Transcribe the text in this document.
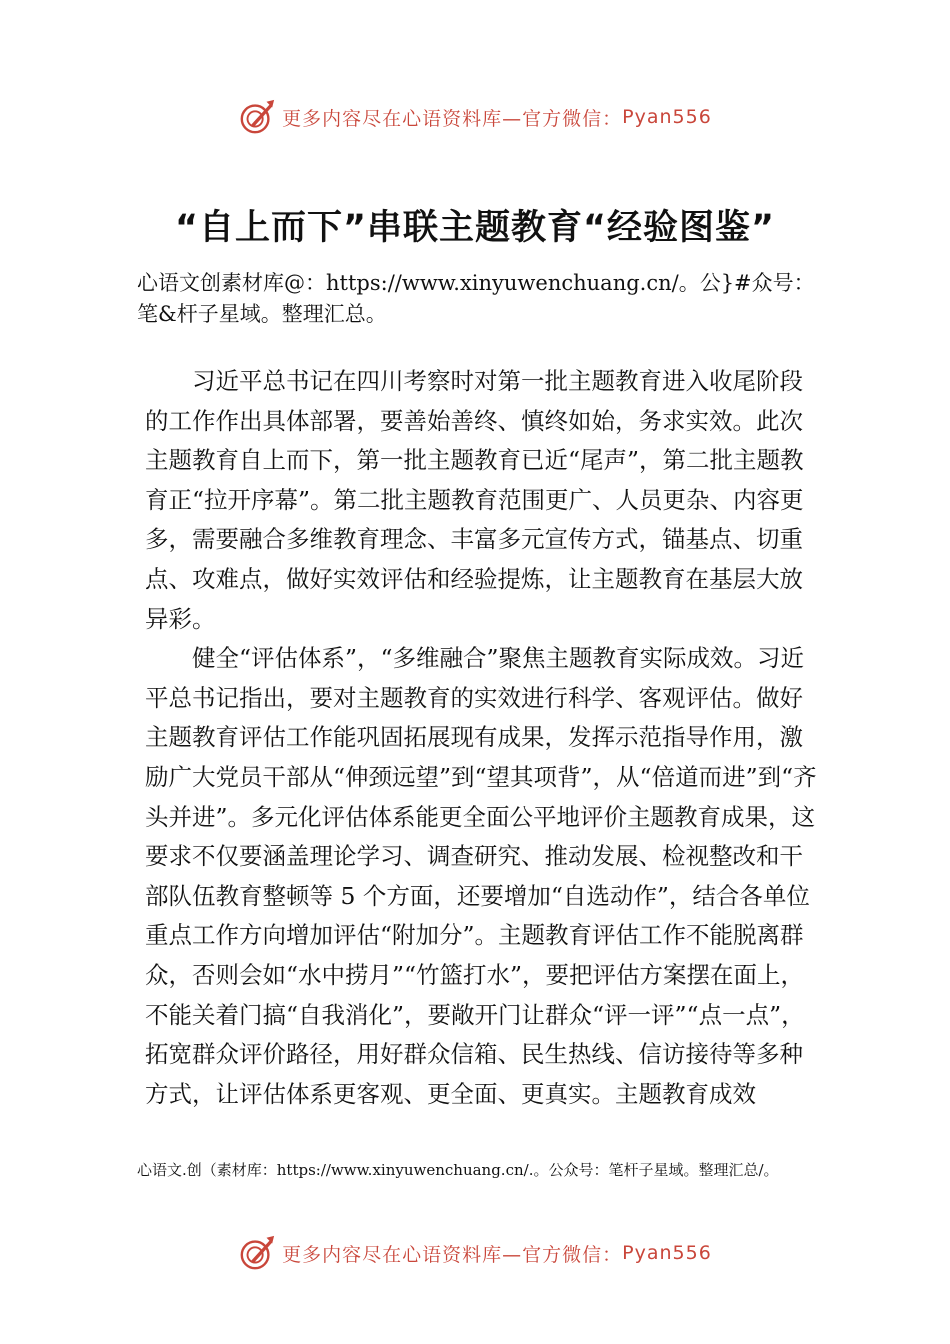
更多内容尽在心语资料库—官方微信： Pyan556
“自上而下”串联主题教育“经验图鉴”

心语文创素材库@：https://www.xinyuwenchuang.cn/。公}#众号：笔&杆子星域。整理汇总。

习近平总书记在四川考察时对第一批主题教育进入收尾阶段的工作作出具体部署，要善始善终、慎终如始，务求实效。此次主题教育自上而下，第一批主题教育已近“尾声”，第二批主题教育正“拉开序幕”。第二批主题教育范围更广、人员更杂、内容更多，需要融合多维教育理念、丰富多元宣传方式，锚基点、切重点、攻难点，做好实效评估和经验提炼，让主题教育在基层大放异彩。

健全“评估体系”，“多维融合”聚焦主题教育实际成效。习近平总书记指出，要对主题教育的实效进行科学、客观评估。做好主题教育评估工作能巩固拓展现有成果，发挥示范指导作用，激励广大党员干部从“伸颈远望”到“望其项背”，从“倍道而进”到“齐头并进”。多元化评估体系能更全面公平地评价主题教育成果，这要求不仅要涵盖理论学习、调查研究、推动发展、检视整改和干部队伍教育整顿等 5 个方面，还要增加“自选动作”，结合各单位重点工作方向增加评估“附加分”。主题教育评估工作不能脱离群众，否则会如“水中捞月”“竹篮打水”，要把评估方案摆在面上，不能关着门搞“自我消化”，要敞开门让群众“评一评”“点一点”，拓宽群众评价路径，用好群众信箱、民生热线、信访接待等多种方式，让评估体系更客观、更全面、更真实。主题教育成效

心语文.创（素材库：https://www.xinyuwenchuang.cn/.。公众号：笔杆子星域。整理汇总/。

更多内容尽在心语资料库—官方微信： Pyan556
